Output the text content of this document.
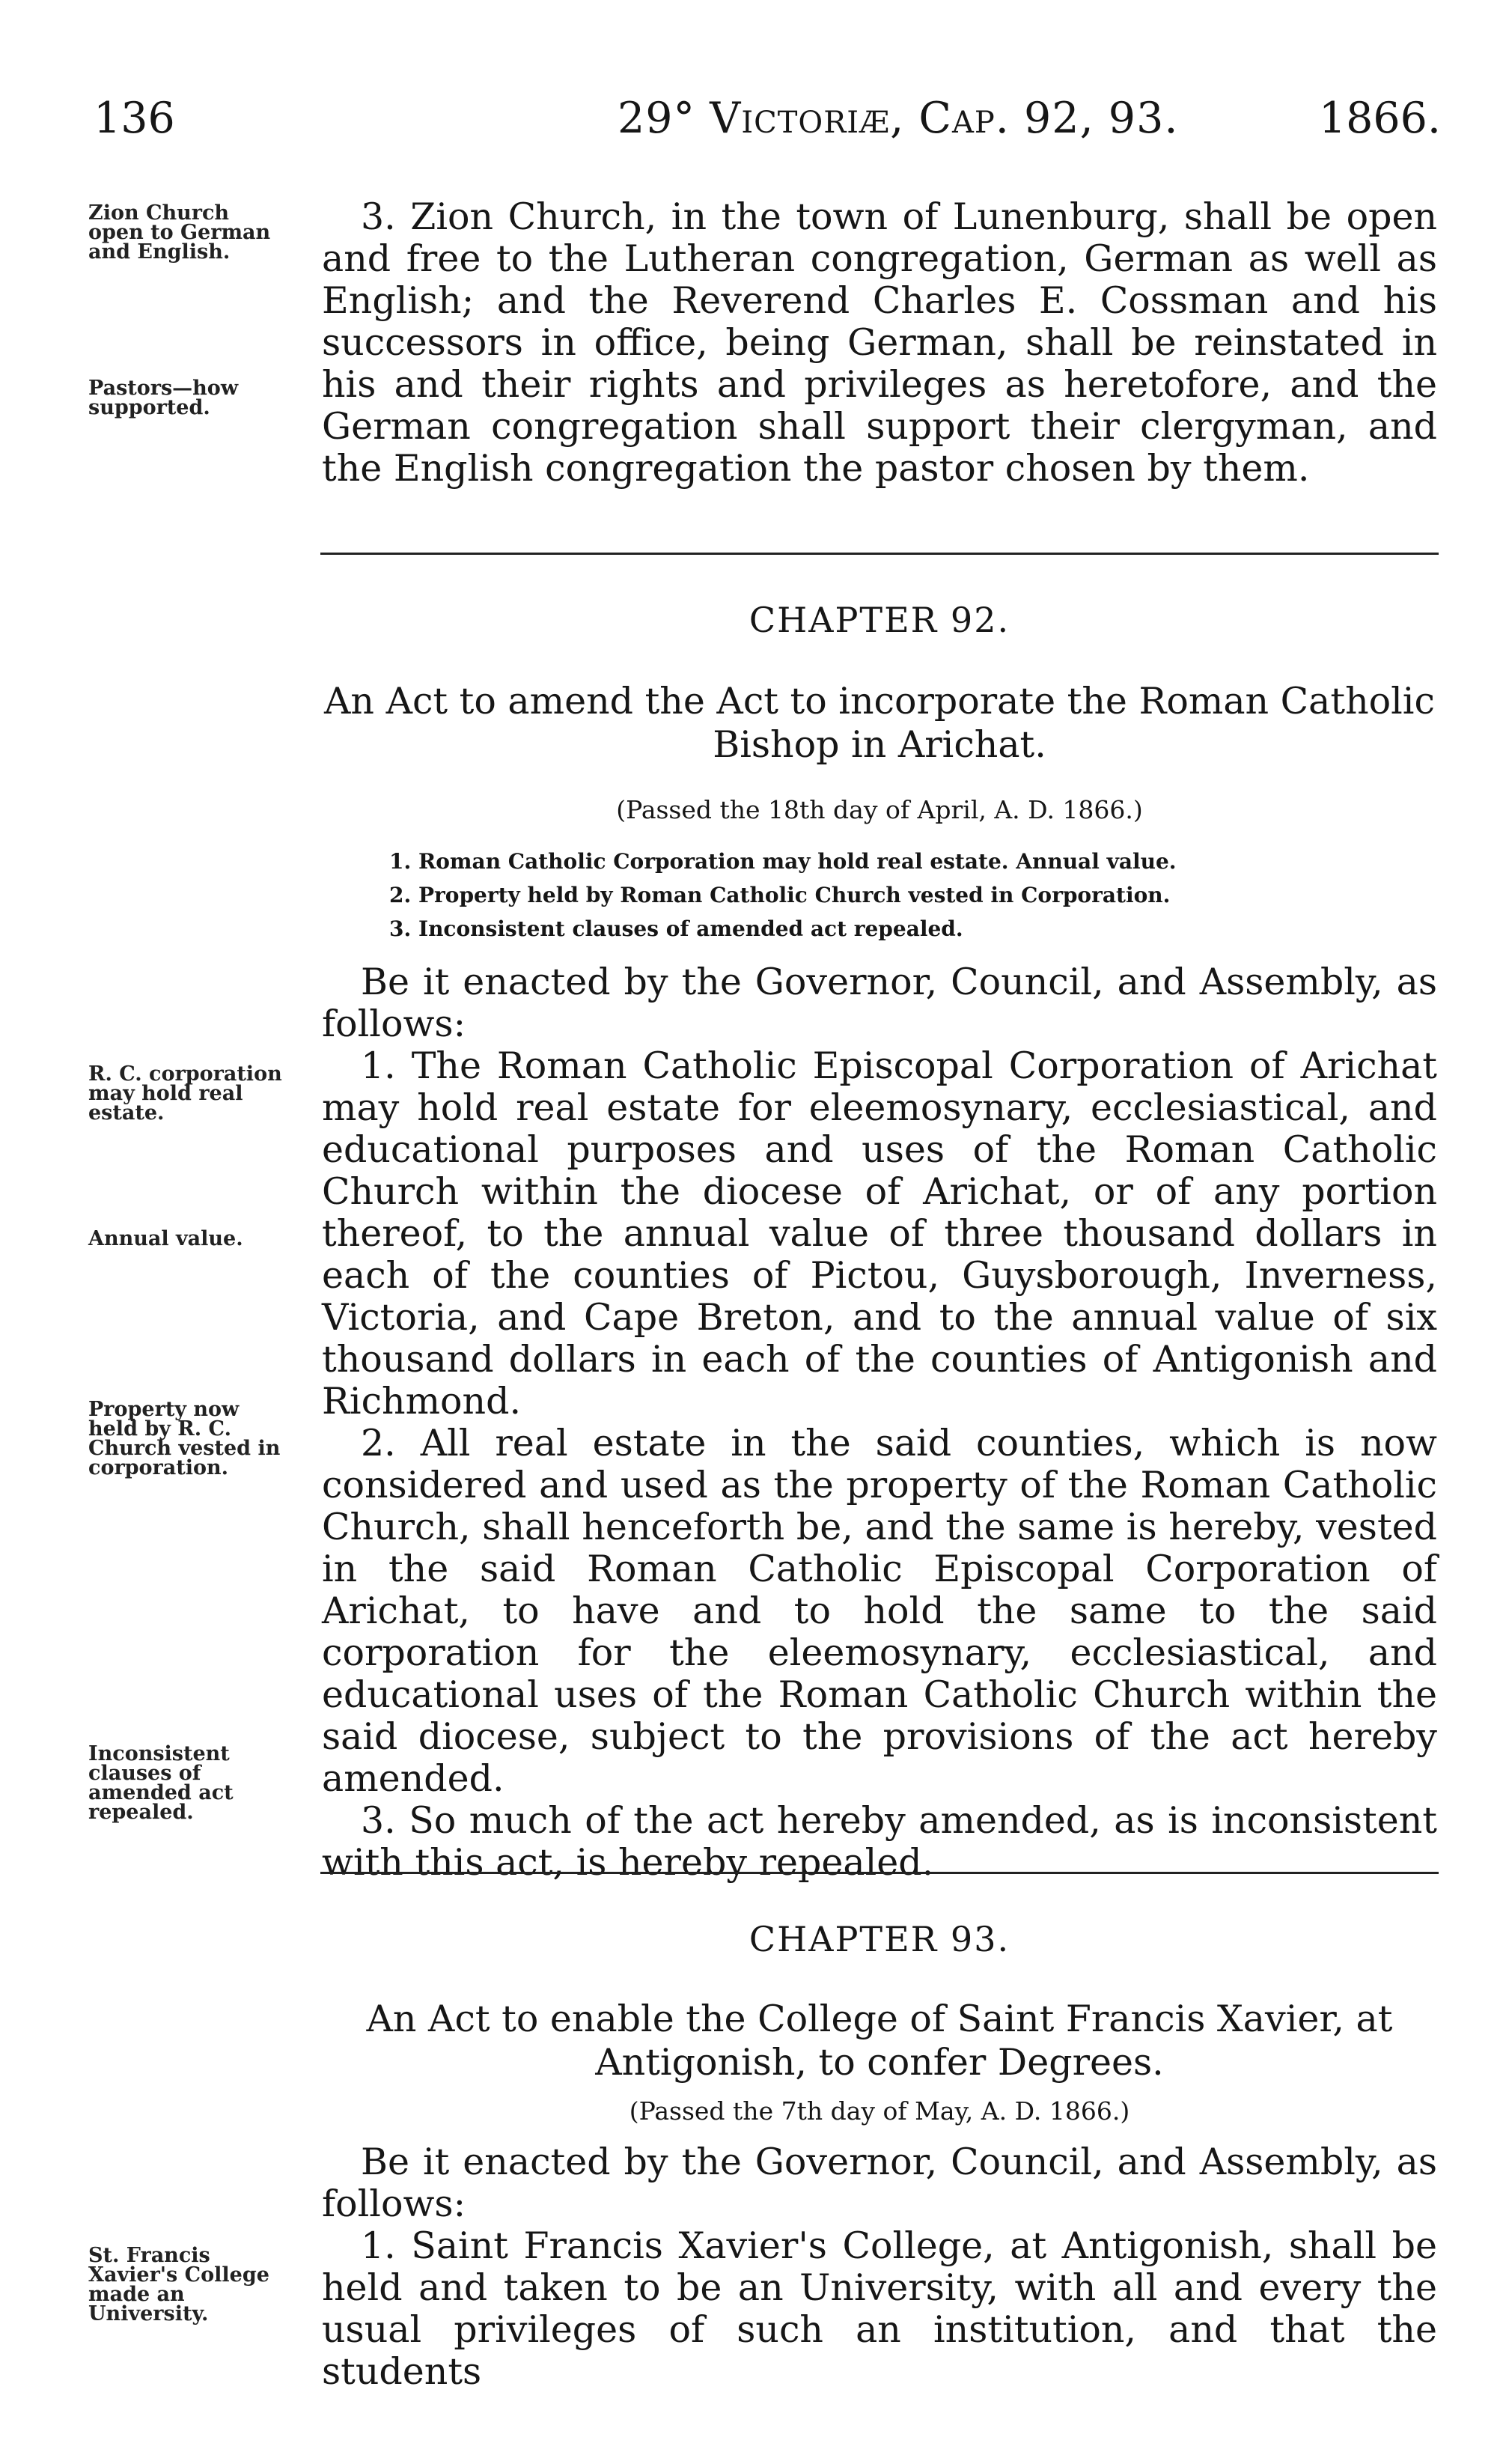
136	29° Victoriæ, Cap. 92, 93.	1866.
Zion Church open to German and English.
Pastors—how supported.

3. Zion Church, in the town of Lunenburg, shall be open and free to the Lutheran congregation, German as well as English; and the Reverend Charles E. Cossman and his successors in office, being German, shall be reinstated in his and their rights and privileges as heretofore, and the German congregation shall support their clergyman, and the English congregation the pastor chosen by them.

CHAPTER 92.
An Act to amend the Act to incorporate the Roman Catholic Bishop in Arichat.
(Passed the 18th day of April, A. D. 1866.)
1. Roman Catholic Corporation may hold real estate. Annual value.
2. Property held by Roman Catholic Church vested in Corporation.
3. Inconsistent clauses of amended act repealed.

Be it enacted by the Governor, Council, and Assembly, as follows:

1. The Roman Catholic Episcopal Corporation of Arichat may hold real estate for eleemosynary, ecclesiastical, and educational purposes and uses of the Roman Catholic Church within the diocese of Arichat, or of any portion thereof, to the annual value of three thousand dollars in each of the counties of Pictou, Guysborough, Inverness, Victoria, and Cape Breton, and to the annual value of six thousand dollars in each of the counties of Antigonish and Richmond.

2. All real estate in the said counties, which is now considered and used as the property of the Roman Catholic Church, shall henceforth be, and the same is hereby, vested in the said Roman Catholic Episcopal Corporation of Arichat, to have and to hold the same to the said corporation for the eleemosynary, ecclesiastical, and educational uses of the Roman Catholic Church within the said diocese, subject to the provisions of the act hereby amended.

3. So much of the act hereby amended, as is inconsistent with this act, is hereby repealed.

R. C. corporation may hold real estate.
Annual value.
Property now held by R. C. Church vested in corporation.
Inconsistent clauses of amended act repealed.
CHAPTER 93.
An Act to enable the College of Saint Francis Xavier, at Antigonish, to confer Degrees.
(Passed the 7th day of May, A. D. 1866.)

Be it enacted by the Governor, Council, and Assembly, as follows:

1. Saint Francis Xavier's College, at Antigonish, shall be held and taken to be an University, with all and every the usual privileges of such an institution, and that the students

St. Francis Xavier's College made an University.
